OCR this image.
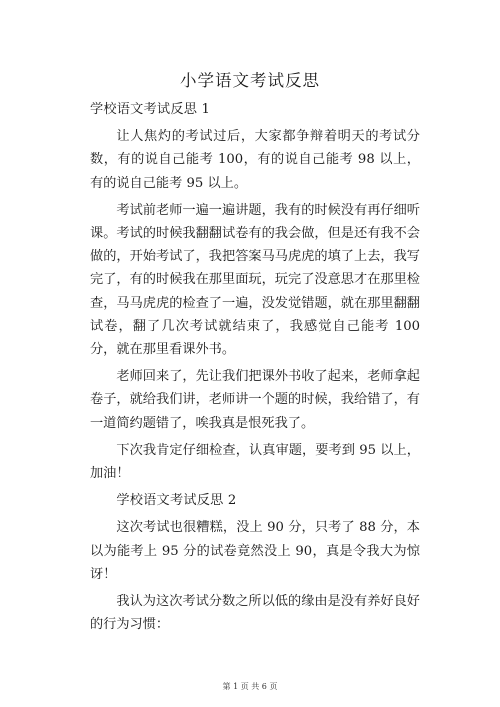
小学语文考试反思
学校语文考试反思 1

让人焦灼的考试过后，大家都争辩着明天的考试分数，有的说自己能考 100，有的说自己能考 98 以上，有的说自己能考 95 以上。

考试前老师一遍一遍讲题，我有的时候没有再仔细听课。考试的时候我翻翻试卷有的我会做，但是还有我不会做的，开始考试了，我把答案马马虎虎的填了上去，我写完了，有的时候我在那里面玩，玩完了没意思才在那里检查，马马虎虎的检查了一遍，没发觉错题，就在那里翻翻试卷，翻了几次考试就结束了，我感觉自己能考 100 分，就在那里看课外书。

老师回来了，先让我们把课外书收了起来，老师拿起卷子，就给我们讲，老师讲一个题的时候，我给错了，有一道简约题错了，唉我真是恨死我了。

下次我肯定仔细检查，认真审题，要考到 95 以上，加油！

学校语文考试反思 2

这次考试也很糟糕，没上 90 分，只考了 88 分，本以为能考上 95 分的试卷竟然没上 90，真是令我大为惊讶！

我认为这次考试分数之所以低的缘由是没有养好良好的行为习惯：

第 1 页 共 6 页
